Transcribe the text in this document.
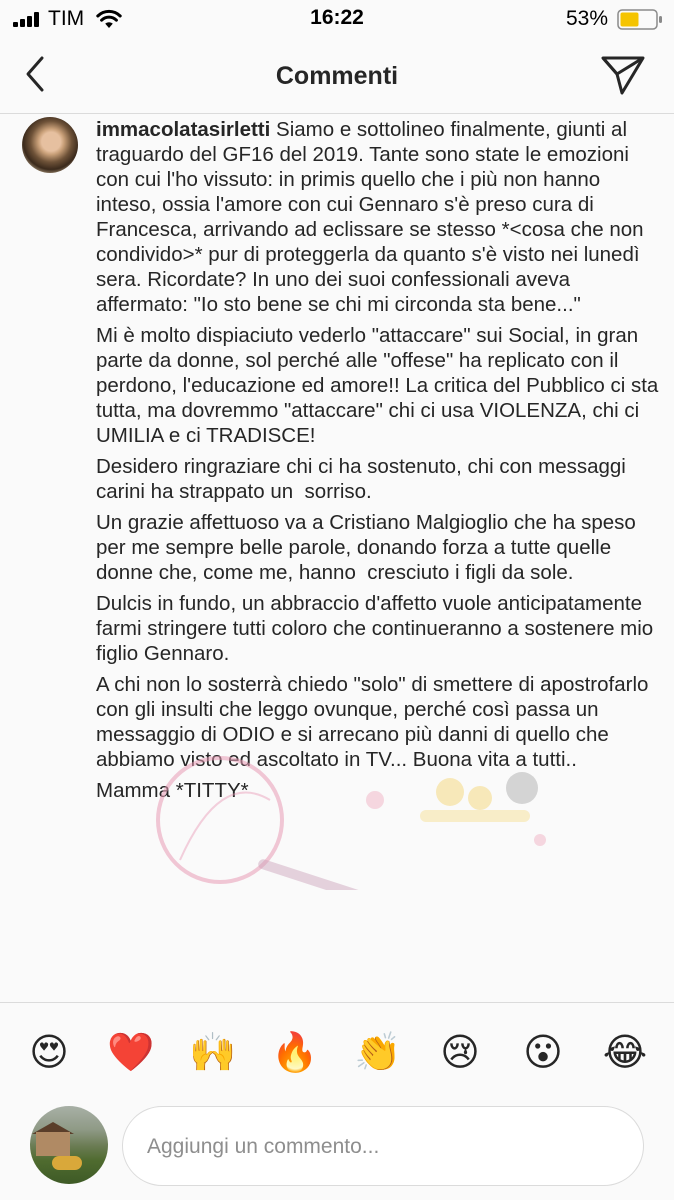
TIM	16:22	53%
Commenti

immacolatasirletti Siamo e sottolineo finalmente, giunti al traguardo del GF16 del 2019. Tante sono state le emozioni con cui l'ho vissuto: in primis quello che i più non hanno inteso, ossia l'amore con cui Gennaro s'è preso cura di Francesca, arrivando ad eclissare se stesso *<cosa che non condivido>* pur di proteggerla da quanto s'è visto nei lunedì sera. Ricordate? In uno dei suoi confessionali aveva affermato: "Io sto bene se chi mi circonda sta bene..."

Mi è molto dispiaciuto vederlo "attaccare" sui Social, in gran parte da donne, sol perché alle "offese" ha replicato con il perdono, l'educazione ed amore!! La critica del Pubblico ci sta tutta, ma dovremmo "attaccare" chi ci usa VIOLENZA, chi ci UMILIA e ci TRADISCE!

Desidero ringraziare chi ci ha sostenuto, chi con messaggi carini ha strappato un  sorriso.

Un grazie affettuoso va a Cristiano Malgioglio che ha speso per me sempre belle parole, donando forza a tutte quelle donne che, come me, hanno  cresciuto i figli da sole.

Dulcis in fundo, un abbraccio d'affetto vuole anticipatamente farmi stringere tutti coloro che continueranno a sostenere mio figlio Gennaro.

A chi non lo sosterrà chiedo "solo" di smettere di apostrofarlo con gli insulti che leggo ovunque, perché così passa un messaggio di ODIO e si arrecano più danni di quello che abbiamo visto ed ascoltato in TV... Buona vita a tutti..

Mamma *TITTY*

😍 ❤️ 🙌 🔥 👏 😢 😮 😂
Aggiungi un commento...
